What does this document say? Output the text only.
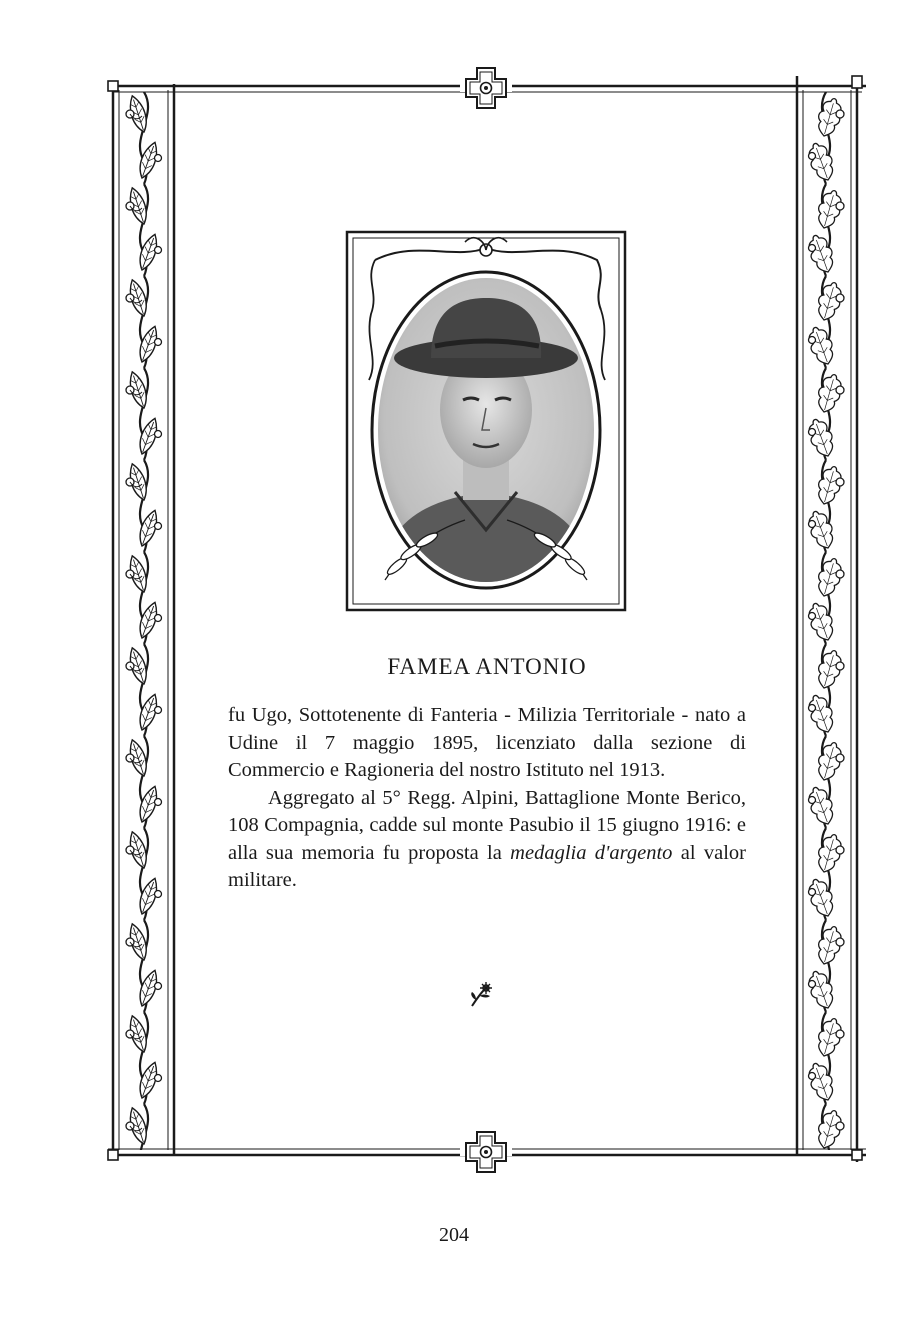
FAMEA ANTONIO

fu Ugo, Sottotenente di Fanteria - Milizia Territoriale - nato a Udine il 7 maggio 1895, licenziato dalla sezione di Commercio e Ragioneria del nostro Istituto nel 1913.

Aggregato al 5° Regg. Alpini, Battaglione Monte Berico, 108 Compagnia, cadde sul monte Pasubio il 15 giugno 1916: e alla sua memoria fu proposta la medaglia d'argento al valor militare.

204
